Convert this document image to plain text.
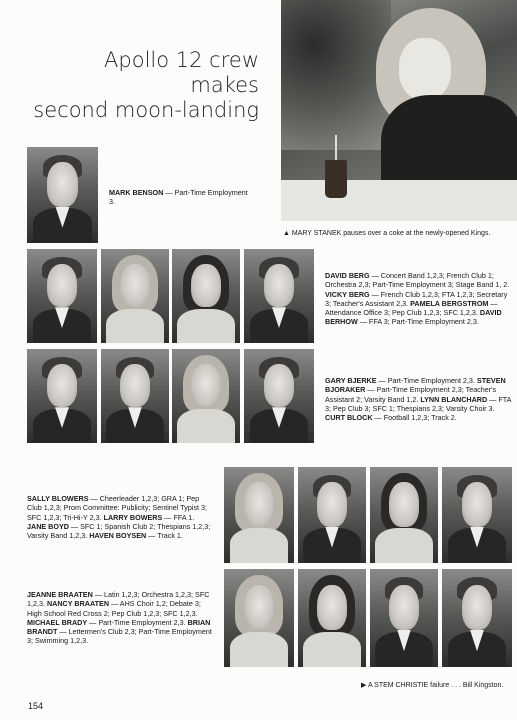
Apollo 12 crew
makes
second moon-landing
▲ MARY STANEK pauses over a coke at the newly-opened Kings.
MARK BENSON — Part-Time Employment 3.
DAVID BERG — Concert Band 1,2,3; French Club 1; Orchestra 2,3; Part-Time Employment 3; Stage Band 1, 2. VICKY BERG — French Club 1,2,3; FTA 1,2,3; Secretary 3; Teacher's Assistant 2,3. PAMELA BERGSTROM — Attendance Office 3; Pep Club 1,2,3; SFC 1,2,3. DAVID BERHOW — FFA 3; Part-Time Employment 2,3.
GARY BJERKE — Part-Time Employment 2,3. STEVEN BJORAKER — Part-Time Employment 2,3; Teacher's Assistant 2; Varsity Band 1,2. LYNN BLANCHARD — FTA 3; Pep Club 3; SFC 1; Thespians 2,3; Varsity Choir 3. CURT BLOCK — Football 1,2,3; Track 2.
SALLY BLOWERS — Cheerleader 1,2,3; GRA 1; Pep Club 1,2,3; Prom Committee: Publicity; Sentinel Typist 3; SFC 1,2,3; Tri-Hi-Y 2,3. LARRY BOWERS — FFA 1. JANE BOYD — SFC 1; Spanish Club 2; Thespians 1,2,3; Varsity Band 1,2,3. HAVEN BOYSEN — Track 1.
JEANNE BRAATEN — Latin 1,2,3; Orchestra 1,2,3; SFC 1,2,3. NANCY BRAATEN — AHS Choir 1,2; Debate 3; High School Red Cross 2; Pep Club 1,2,3; SFC 1,2,3. MICHAEL BRADY — Part-Time Employment 2,3. BRIAN BRANDT — Lettermen's Club 2,3; Part-Time Employment 3; Swimming 1,2,3.
▶ A STEM CHRISTIE failure . . . Bill Kingston.
154
